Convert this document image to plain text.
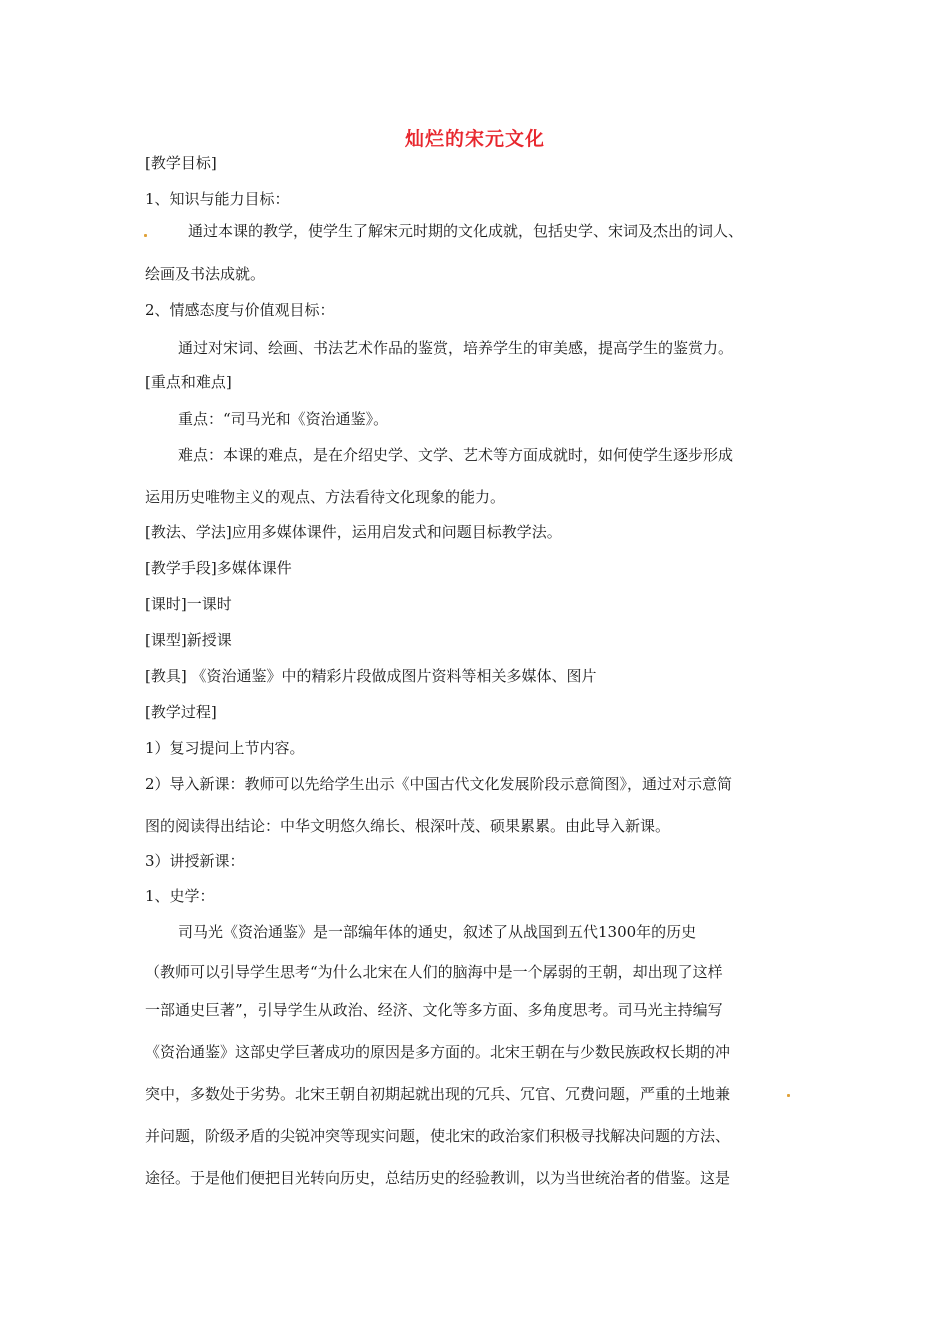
灿烂的宋元文化
[教学目标]
1、知识与能力目标：
通过本课的教学，使学生了解宋元时期的文化成就，包括史学、宋词及杰出的词人、
绘画及书法成就。
2、情感态度与价值观目标：
通过对宋词、绘画、书法艺术作品的鉴赏，培养学生的审美感，提高学生的鉴赏力。
[重点和难点]
重点：“司马光和《资治通鉴》。
难点：本课的难点，是在介绍史学、文学、艺术等方面成就时，如何使学生逐步形成
运用历史唯物主义的观点、方法看待文化现象的能力。
[教法、学法]应用多媒体课件，运用启发式和问题目标教学法。
[教学手段]多媒体课件
[课时]一课时
[课型]新授课
[教具] 《资治通鉴》中的精彩片段做成图片资料等相关多媒体、图片
[教学过程]
1）复习提问上节内容。
2）导入新课：教师可以先给学生出示《中国古代文化发展阶段示意简图》，通过对示意简
图的阅读得出结论：中华文明悠久绵长、根深叶茂、硕果累累。由此导入新课。
3）讲授新课：
1、史学：
司马光《资治通鉴》是一部编年体的通史，叙述了从战国到五代1300年的历史
（教师可以引导学生思考“为什么北宋在人们的脑海中是一个孱弱的王朝，却出现了这样
一部通史巨著”，引导学生从政治、经济、文化等多方面、多角度思考。司马光主持编写
《资治通鉴》这部史学巨著成功的原因是多方面的。北宋王朝在与少数民族政权长期的冲
突中，多数处于劣势。北宋王朝自初期起就出现的冗兵、冗官、冗费问题，严重的土地兼
并问题，阶级矛盾的尖锐冲突等现实问题，使北宋的政治家们积极寻找解决问题的方法、
途径。于是他们便把目光转向历史，总结历史的经验教训，以为当世统治者的借鉴。这是
